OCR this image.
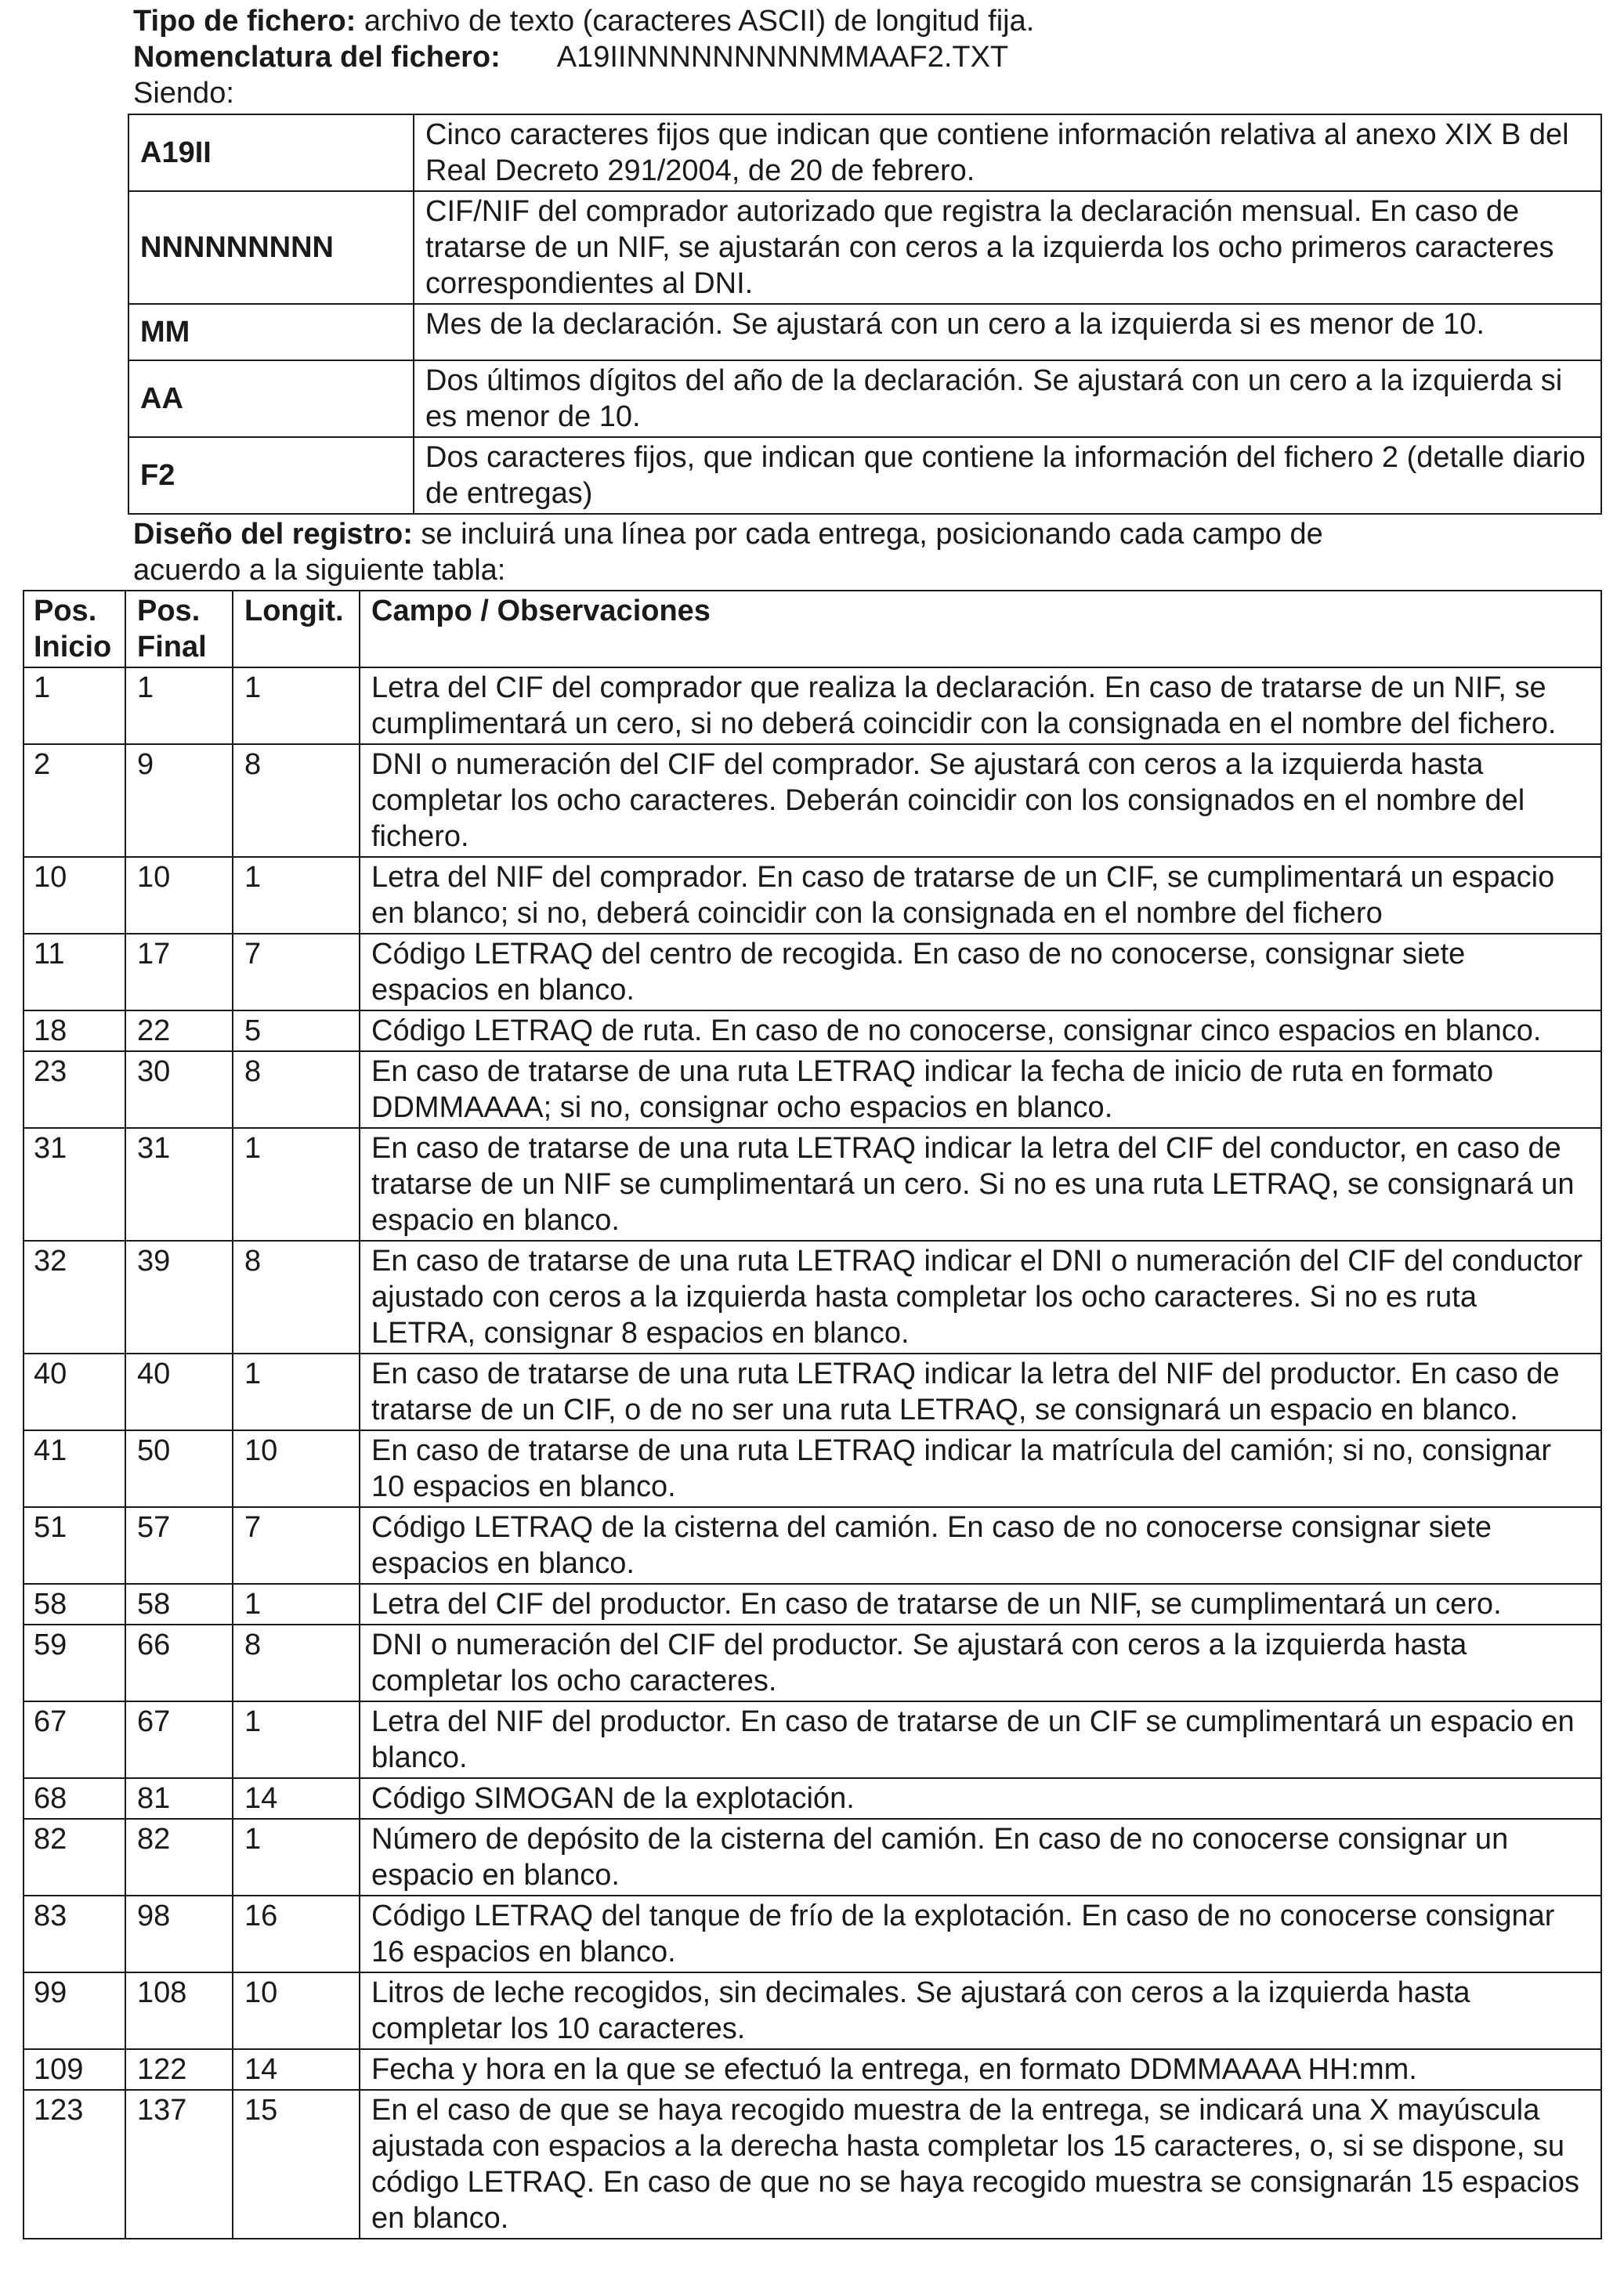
Tipo de fichero: archivo de texto (caracteres ASCII) de longitud fija.
Nomenclatura del fichero: A19IINNNNNNNNNMMAAF2.TXT
Siendo:
A19II	Cinco caracteres fijos que indican que contiene información relativa al anexo XIX B del Real Decreto 291/2004, de 20 de febrero.
NNNNNNNNN	CIF/NIF del comprador autorizado que registra la declaración mensual. En caso de tratarse de un NIF, se ajustarán con ceros a la izquierda los ocho primeros caracteres correspondientes al DNI.
MM	Mes de la declaración. Se ajustará con un cero a la izquierda si es menor de 10.
AA	Dos últimos dígitos del año de la declaración. Se ajustará con un cero a la izquierda si es menor de 10.
F2	Dos caracteres fijos, que indican que contiene la información del fichero 2 (detalle diario de entregas)
Diseño del registro: se incluirá una línea por cada entrega, posicionando cada campo de
acuerdo a la siguiente tabla:
Pos. Inicio	Pos. Final	Longit.	Campo / Observaciones
1	1	1	Letra del CIF del comprador que realiza la declaración. En caso de tratarse de un NIF, se cumplimentará un cero, si no deberá coincidir con la consignada en el nombre del fichero.
2	9	8	DNI o numeración del CIF del comprador. Se ajustará con ceros a la izquierda hasta completar los ocho caracteres. Deberán coincidir con los consignados en el nombre del fichero.
10	10	1	Letra del NIF del comprador. En caso de tratarse de un CIF, se cumplimentará un espacio en blanco; si no, deberá coincidir con la consignada en el nombre del fichero
11	17	7	Código LETRAQ del centro de recogida. En caso de no conocerse, consignar siete espacios en blanco.
18	22	5	Código LETRAQ de ruta. En caso de no conocerse, consignar cinco espacios en blanco.
23	30	8	En caso de tratarse de una ruta LETRAQ indicar la fecha de inicio de ruta en formato DDMMAAAA; si no, consignar ocho espacios en blanco.
31	31	1	En caso de tratarse de una ruta LETRAQ indicar la letra del CIF del conductor, en caso de tratarse de un NIF se cumplimentará un cero. Si no es una ruta LETRAQ, se consignará un espacio en blanco.
32	39	8	En caso de tratarse de una ruta LETRAQ indicar el DNI o numeración del CIF del conductor ajustado con ceros a la izquierda hasta completar los ocho caracteres. Si no es ruta LETRA, consignar 8 espacios en blanco.
40	40	1	En caso de tratarse de una ruta LETRAQ indicar la letra del NIF del productor. En caso de tratarse de un CIF, o de no ser una ruta LETRAQ, se consignará un espacio en blanco.
41	50	10	En caso de tratarse de una ruta LETRAQ indicar la matrícula del camión; si no, consignar 10 espacios en blanco.
51	57	7	Código LETRAQ de la cisterna del camión. En caso de no conocerse consignar siete espacios en blanco.
58	58	1	Letra del CIF del productor. En caso de tratarse de un NIF, se cumplimentará un cero.
59	66	8	DNI o numeración del CIF del productor. Se ajustará con ceros a la izquierda hasta completar los ocho caracteres.
67	67	1	Letra del NIF del productor. En caso de tratarse de un CIF se cumplimentará un espacio en blanco.
68	81	14	Código SIMOGAN de la explotación.
82	82	1	Número de depósito de la cisterna del camión. En caso de no conocerse consignar un espacio en blanco.
83	98	16	Código LETRAQ del tanque de frío de la explotación. En caso de no conocerse consignar 16 espacios en blanco.
99	108	10	Litros de leche recogidos, sin decimales. Se ajustará con ceros a la izquierda hasta completar los 10 caracteres.
109	122	14	Fecha y hora en la que se efectuó la entrega, en formato DDMMAAAA HH:mm.
123	137	15	En el caso de que se haya recogido muestra de la entrega, se indicará una X mayúscula ajustada con espacios a la derecha hasta completar los 15 caracteres, o, si se dispone, su código LETRAQ. En caso de que no se haya recogido muestra se consignarán 15 espacios en blanco.
